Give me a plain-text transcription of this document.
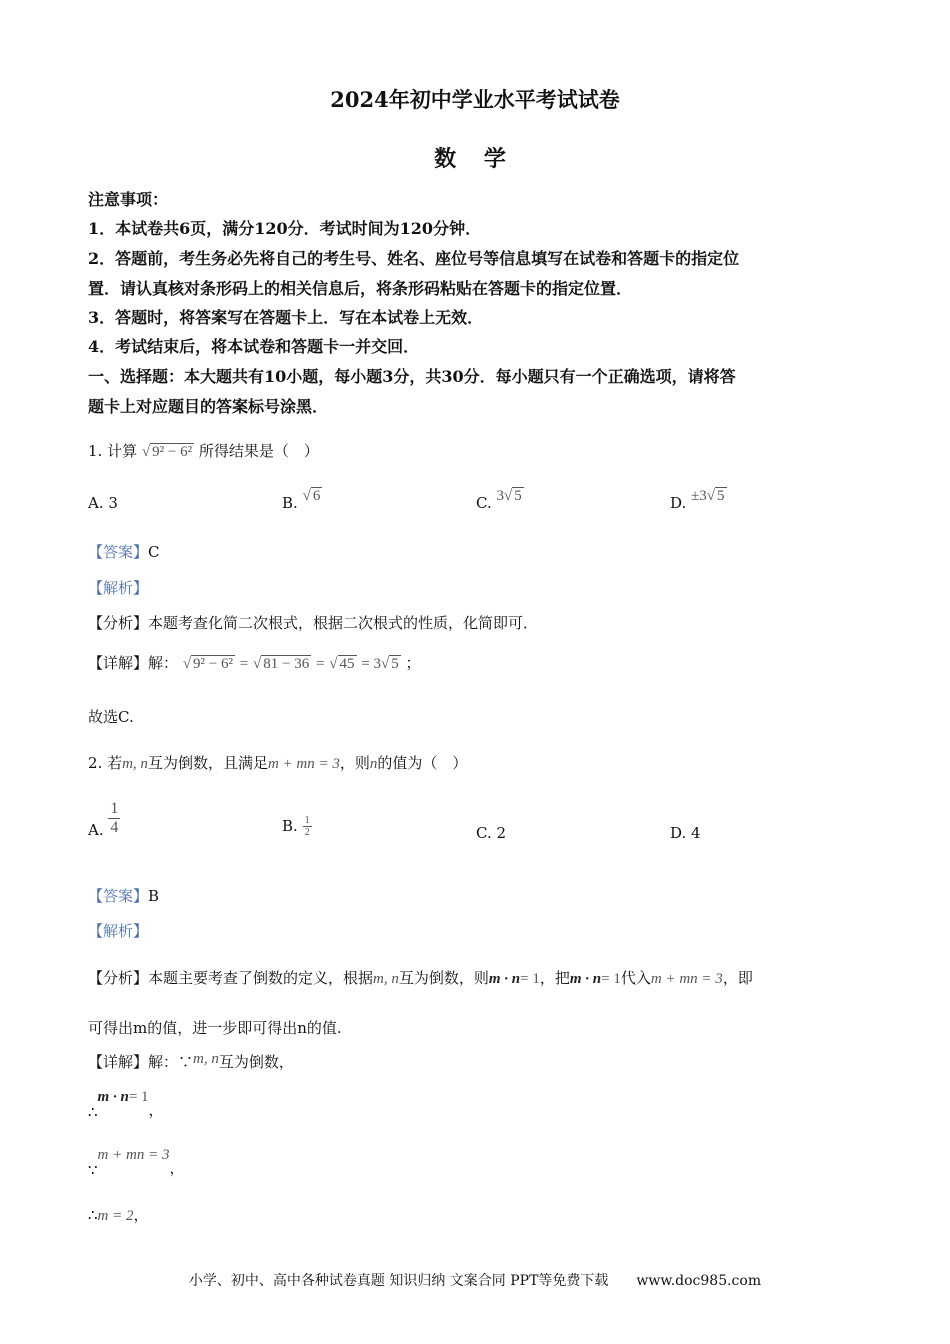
2024年初中学业水平考试试卷
数 学
注意事项：
1．本试卷共6页，满分120分．考试时间为120分钟．
2．答题前，考生务必先将自己的考生号、姓名、座位号等信息填写在试卷和答题卡的指定位
置．请认真核对条形码上的相关信息后，将条形码粘贴在答题卡的指定位置．
3．答题时，将答案写在答题卡上．写在本试卷上无效．
4．考试结束后，将本试卷和答题卡一并交回．
一、选择题：本大题共有10小题，每小题3分，共30分．每小题只有一个正确选项，请将答
题卡上对应题目的答案标号涂黑．
1. 计算 √ 9² − 6² 所得结果是（　）
A. 3	B. √ 6	C. 3√ 5	D. ±3√ 5
【答案】C
【解析】
【分析】本题考查化简二次根式，根据二次根式的性质，化简即可．
【详解】解： √ 9² − 6² = √ 81 − 36 = √ 45 = 3√ 5 ；
故选C.
2. 若m, n互为倒数，且满足m + mn = 3，则n的值为（　）
A. $\frac{1}{4}$	B. $\frac{1}{2}$	C. 2	D. 4
【答案】B
【解析】
【分析】本题主要考查了倒数的定义，根据m, n互为倒数，则m · n= 1，把m · n= 1代入m + mn = 3，即
可得出m的值，进一步即可得出n的值.
【详解】解：∵m, n互为倒数，
∴m · n= 1，
∵m + mn = 3，
∴m = 2，
小学、初中、高中各种试卷真题 知识归纳 文案合同 PPT等免费下载　　www.doc985.com
